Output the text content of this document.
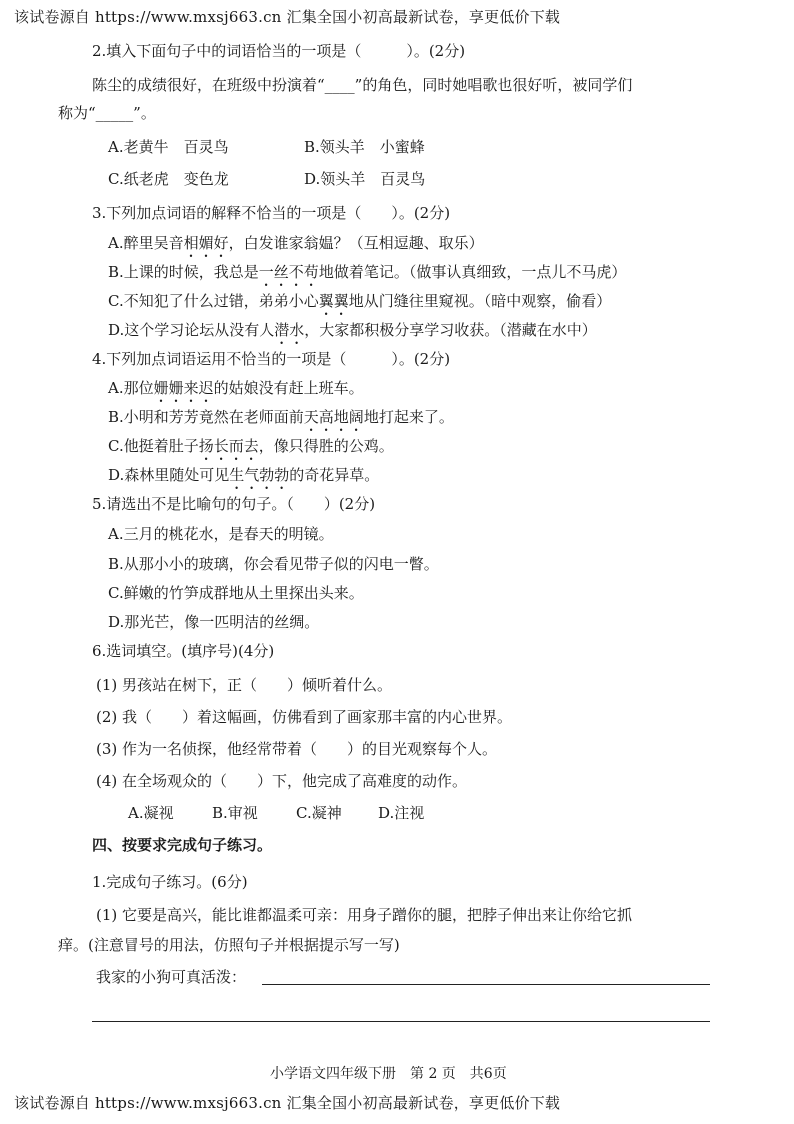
该试卷源自 https://www.mxsj663.cn 汇集全国小初高最新试卷，享更低价下载
2.填入下面句子中的词语恰当的一项是（　　　）。(2分)
陈尘的成绩很好，在班级中扮演着“____”的角色，同时她唱歌也很好听，被同学们
称为“_____”。
A.老黄牛　百灵鸟	B.领头羊　小蜜蜂
C.纸老虎　变色龙	D.领头羊　百灵鸟
3.下列加点词语的解释不恰当的一项是（　　）。(2分)
A.醉里吴音相媚好，白发谁家翁媪？（互相逗趣、取乐）
B.上课的时候，我总是一丝不苟地做着笔记。（做事认真细致，一点儿不马虎）
C.不知犯了什么过错，弟弟小心翼翼地从门缝往里窥视。（暗中观察，偷看）
D.这个学习论坛从没有人潜水，大家都积极分享学习收获。（潜藏在水中）
4.下列加点词语运用不恰当的一项是（　　　）。(2分)
A.那位姗姗来迟的姑娘没有赶上班车。
B.小明和芳芳竟然在老师面前天高地阔地打起来了。
C.他挺着肚子扬长而去，像只得胜的公鸡。
D.森林里随处可见生气勃勃的奇花异草。
5.请选出不是比喻句的句子。（　　）(2分)
A.三月的桃花水，是春天的明镜。
B.从那小小的玻璃，你会看见带子似的闪电一瞥。
C.鲜嫩的竹笋成群地从土里探出头来。
D.那光芒，像一匹明洁的丝绸。
6.选词填空。(填序号)(4分)
(1) 男孩站在树下，正（　　）倾听着什么。
(2) 我（　　）着这幅画，仿佛看到了画家那丰富的内心世界。
(3) 作为一名侦探，他经常带着（　　）的目光观察每个人。
(4) 在全场观众的（　　）下，他完成了高难度的动作。
A.凝视	B.审视	C.凝神 D.注视
四、按要求完成句子练习。
1.完成句子练习。(6分)
(1) 它要是高兴，能比谁都温柔可亲：用身子蹭你的腿，把脖子伸出来让你给它抓
痒。(注意冒号的用法，仿照句子并根据提示写一写)
我家的小狗可真活泼：
小学语文四年级下册　第 2 页　共6页
该试卷源自 https://www.mxsj663.cn 汇集全国小初高最新试卷，享更低价下载
